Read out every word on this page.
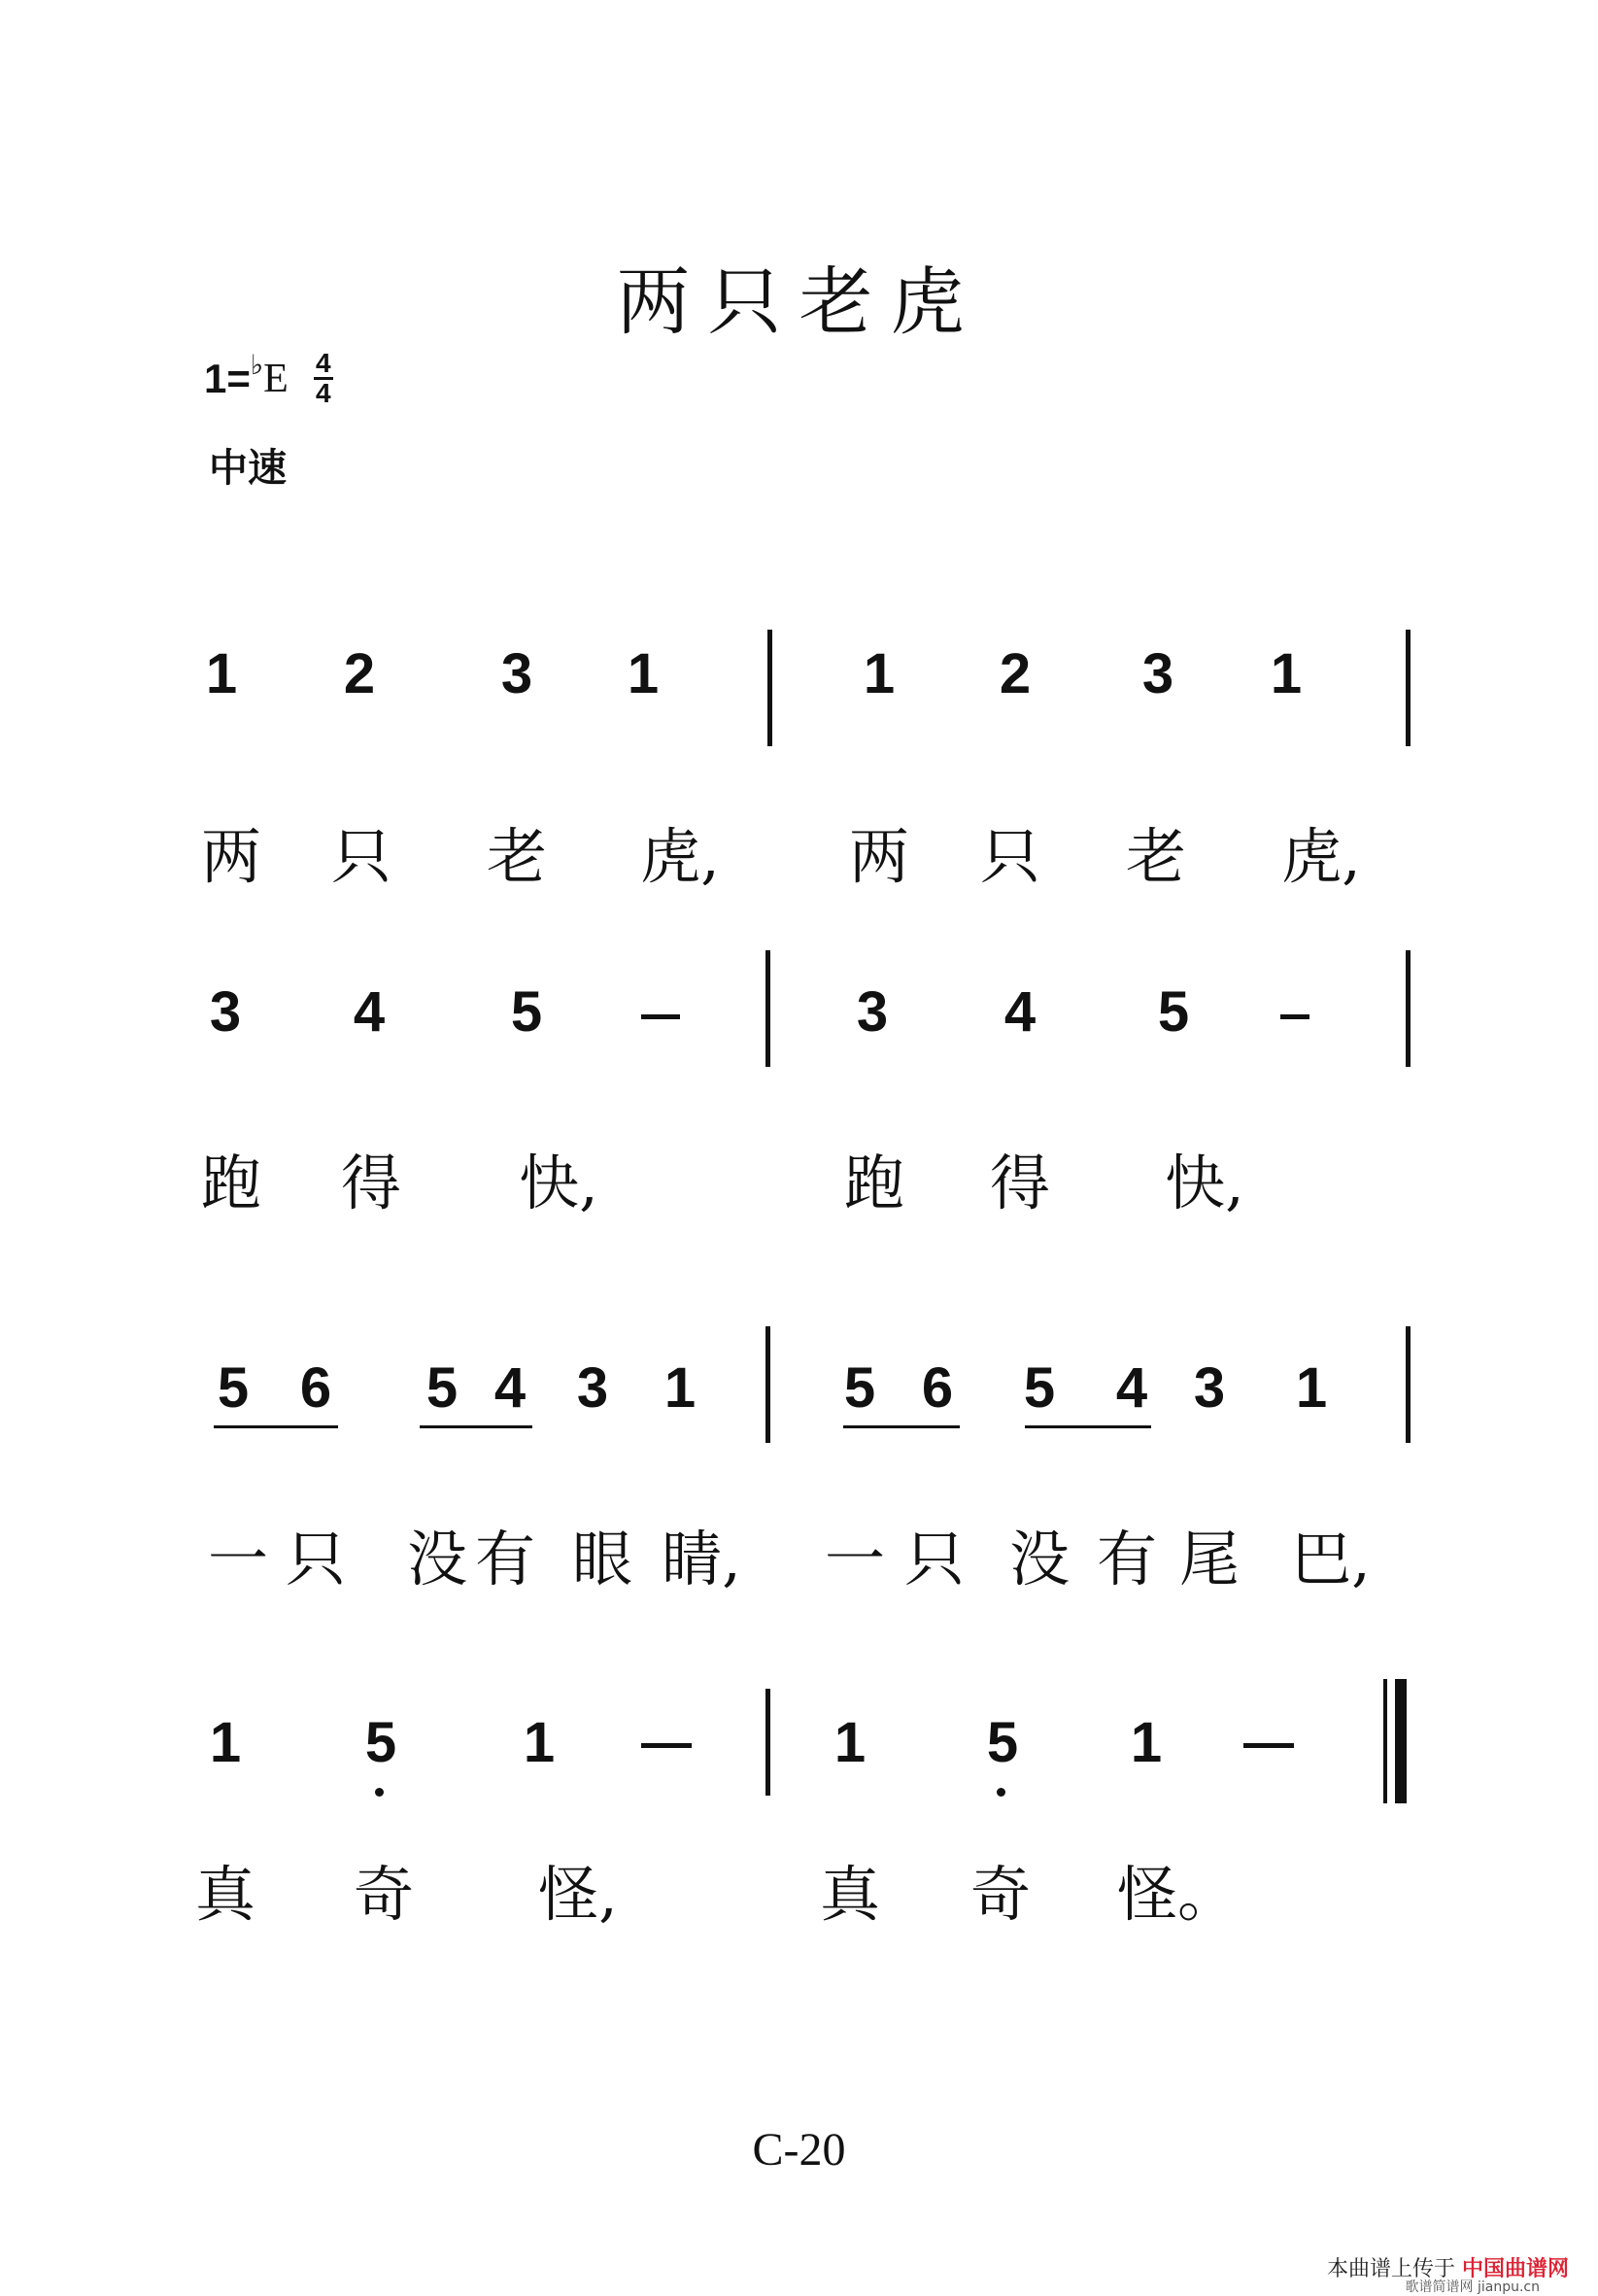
两只老虎
1= ♭ E 4
4
中速
1 2 3 1	1 2 3 1
两 只 老 虎, 两 只 老 虎,
3 4 5	3 4 5
跑 得 快,	跑 得 快,
5 6 5 4 3 1	5 6 5 4 3 1
一 只 没 有 眼 睛, 一 只 没 有 尾 巴,
1 5 1	1 5 1
真 奇 怪,	真 奇 怪。
C-20
本曲谱上传于 中国曲谱网
歌谱简谱网 jianpu.cn
